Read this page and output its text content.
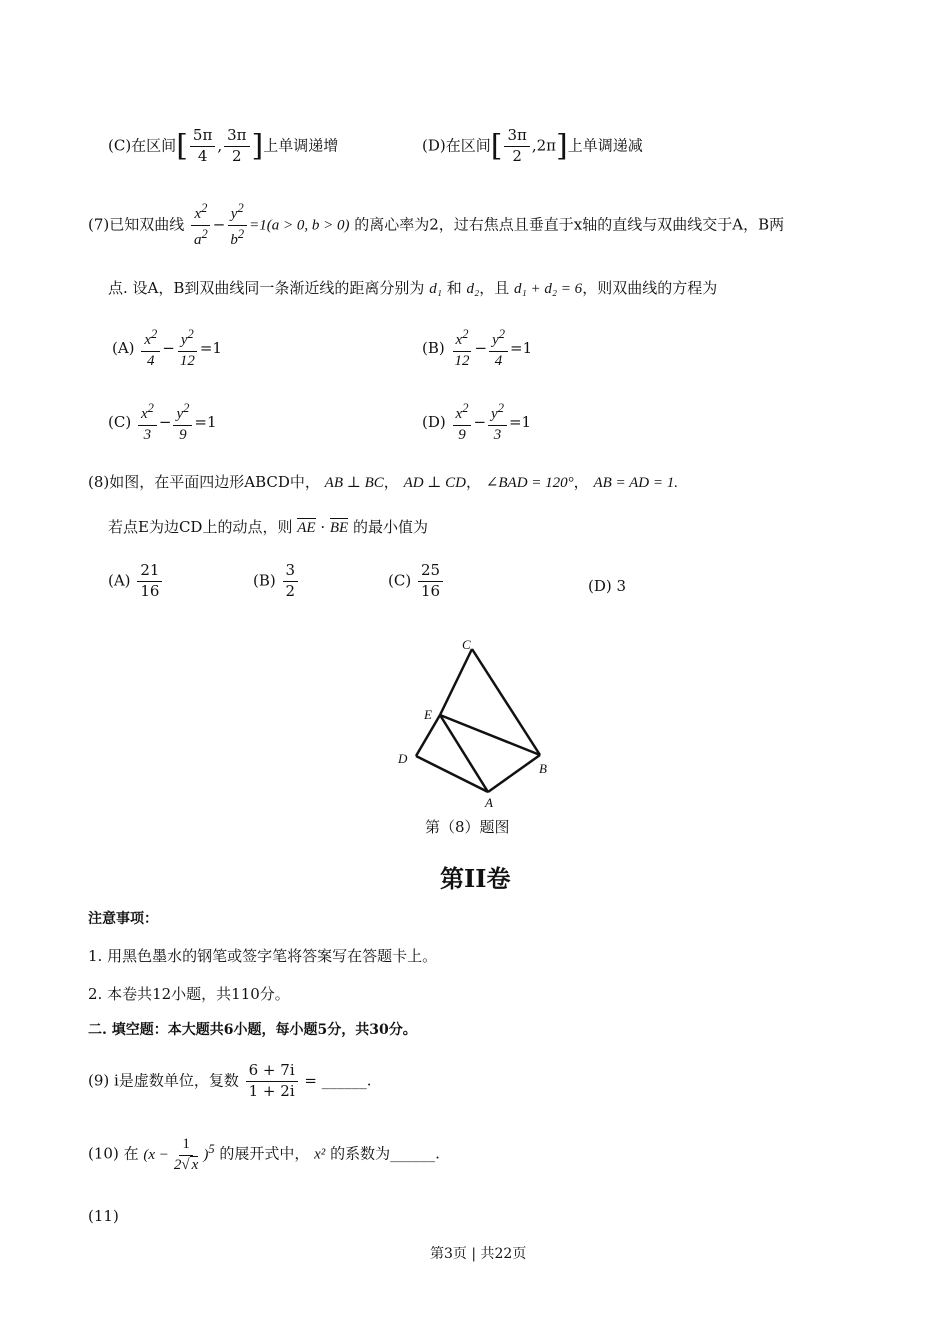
(C)在区间[ $\frac{5\pi}{4}$ , $\frac{3\pi}{2}$ ]上单调递增	(D)在区间[ $\frac{3\pi}{2} ,2\pi$]上单调递减
(7)已知双曲线 $\frac{x^2}{a^2} - \frac{y^2}{b^2} =1(a > 0$, b > 0) 的离心率为2，过右焦点且垂直于x轴的直线与双曲线交于A，B两
点. 设A，B到双曲线同一条渐近线的距离分别为 d₁ 和 d₂，且 d₁ + d₂ = 6，则双曲线的方程为
$(A) \frac{x^2}{4} - \frac{y^2}{12} =1$	$(B) \frac{x^2}{12} - \frac{y^2}{4} =1$
$(C) \frac{x^2}{3} - \frac{y^2}{9} =1$	$(D) \frac{x^2}{9} - \frac{y^2}{3} =1$
(8)如图，在平面四边形ABCD中， AB ⊥ BC， AD ⊥ CD， ∠BAD = 120°， AB = AD = 1.
若点E为边CD上的动点，则 AE · BE 的最小值为
$(A) \frac{21}{16}$	$(B) \frac{3}{2}$	$(C) \frac{25}{16}$	(D) 3
C
E
D
B
A
第（8）题图
第II卷
注意事项：
1. 用黑色墨水的钢笔或签字笔将答案写在答题卡上。
2. 本卷共12小题，共110分。
二. 填空题：本大题共6小题，每小题5分，共30分。
(9) i是虚数单位，复数 $\frac{6 + 7i}{1 + 2i}$ = ______.
(10) 在 $(x - \frac{1}{2√ x} )^5$ 的展开式中， x² 的系数为______.
(11)
第3页 | 共22页
